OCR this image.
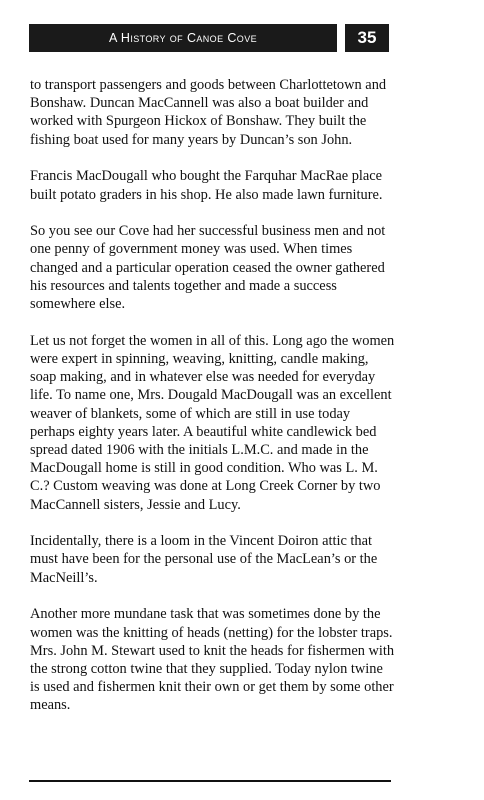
A History of Canoe Cove	35

to transport passengers and goods between Charlottetown and Bonshaw. Duncan MacCannell was also a boat builder and worked with Spurgeon Hickox of Bonshaw. They built the fishing boat used for many years by Duncan’s son John.

Francis MacDougall who bought the Farquhar MacRae place built potato graders in his shop. He also made lawn furniture.

So you see our Cove had her successful business men and not one penny of government money was used. When times changed and a particular operation ceased the owner gathered his resources and talents together and made a success somewhere else.

Let us not forget the women in all of this. Long ago the women were expert in spinning, weaving, knitting, candle making, soap making, and in whatever else was needed for everyday life. To name one, Mrs. Dougald MacDougall was an excellent weaver of blankets, some of which are still in use today perhaps eighty years later. A beautiful white candlewick bed spread dated 1906 with the initials L.M.C. and made in the MacDougall home is still in good condition. Who was L. M. C.? Custom weaving was done at Long Creek Corner by two MacCannell sisters, Jessie and Lucy.

Incidentally, there is a loom in the Vincent Doiron attic that must have been for the personal use of the MacLean’s or the MacNeill’s.

Another more mundane task that was sometimes done by the women was the knitting of heads (netting) for the lobster traps. Mrs. John M. Stewart used to knit the heads for fishermen with the strong cotton twine that they supplied. Today nylon twine is used and fishermen knit their own or get them by some other means.
